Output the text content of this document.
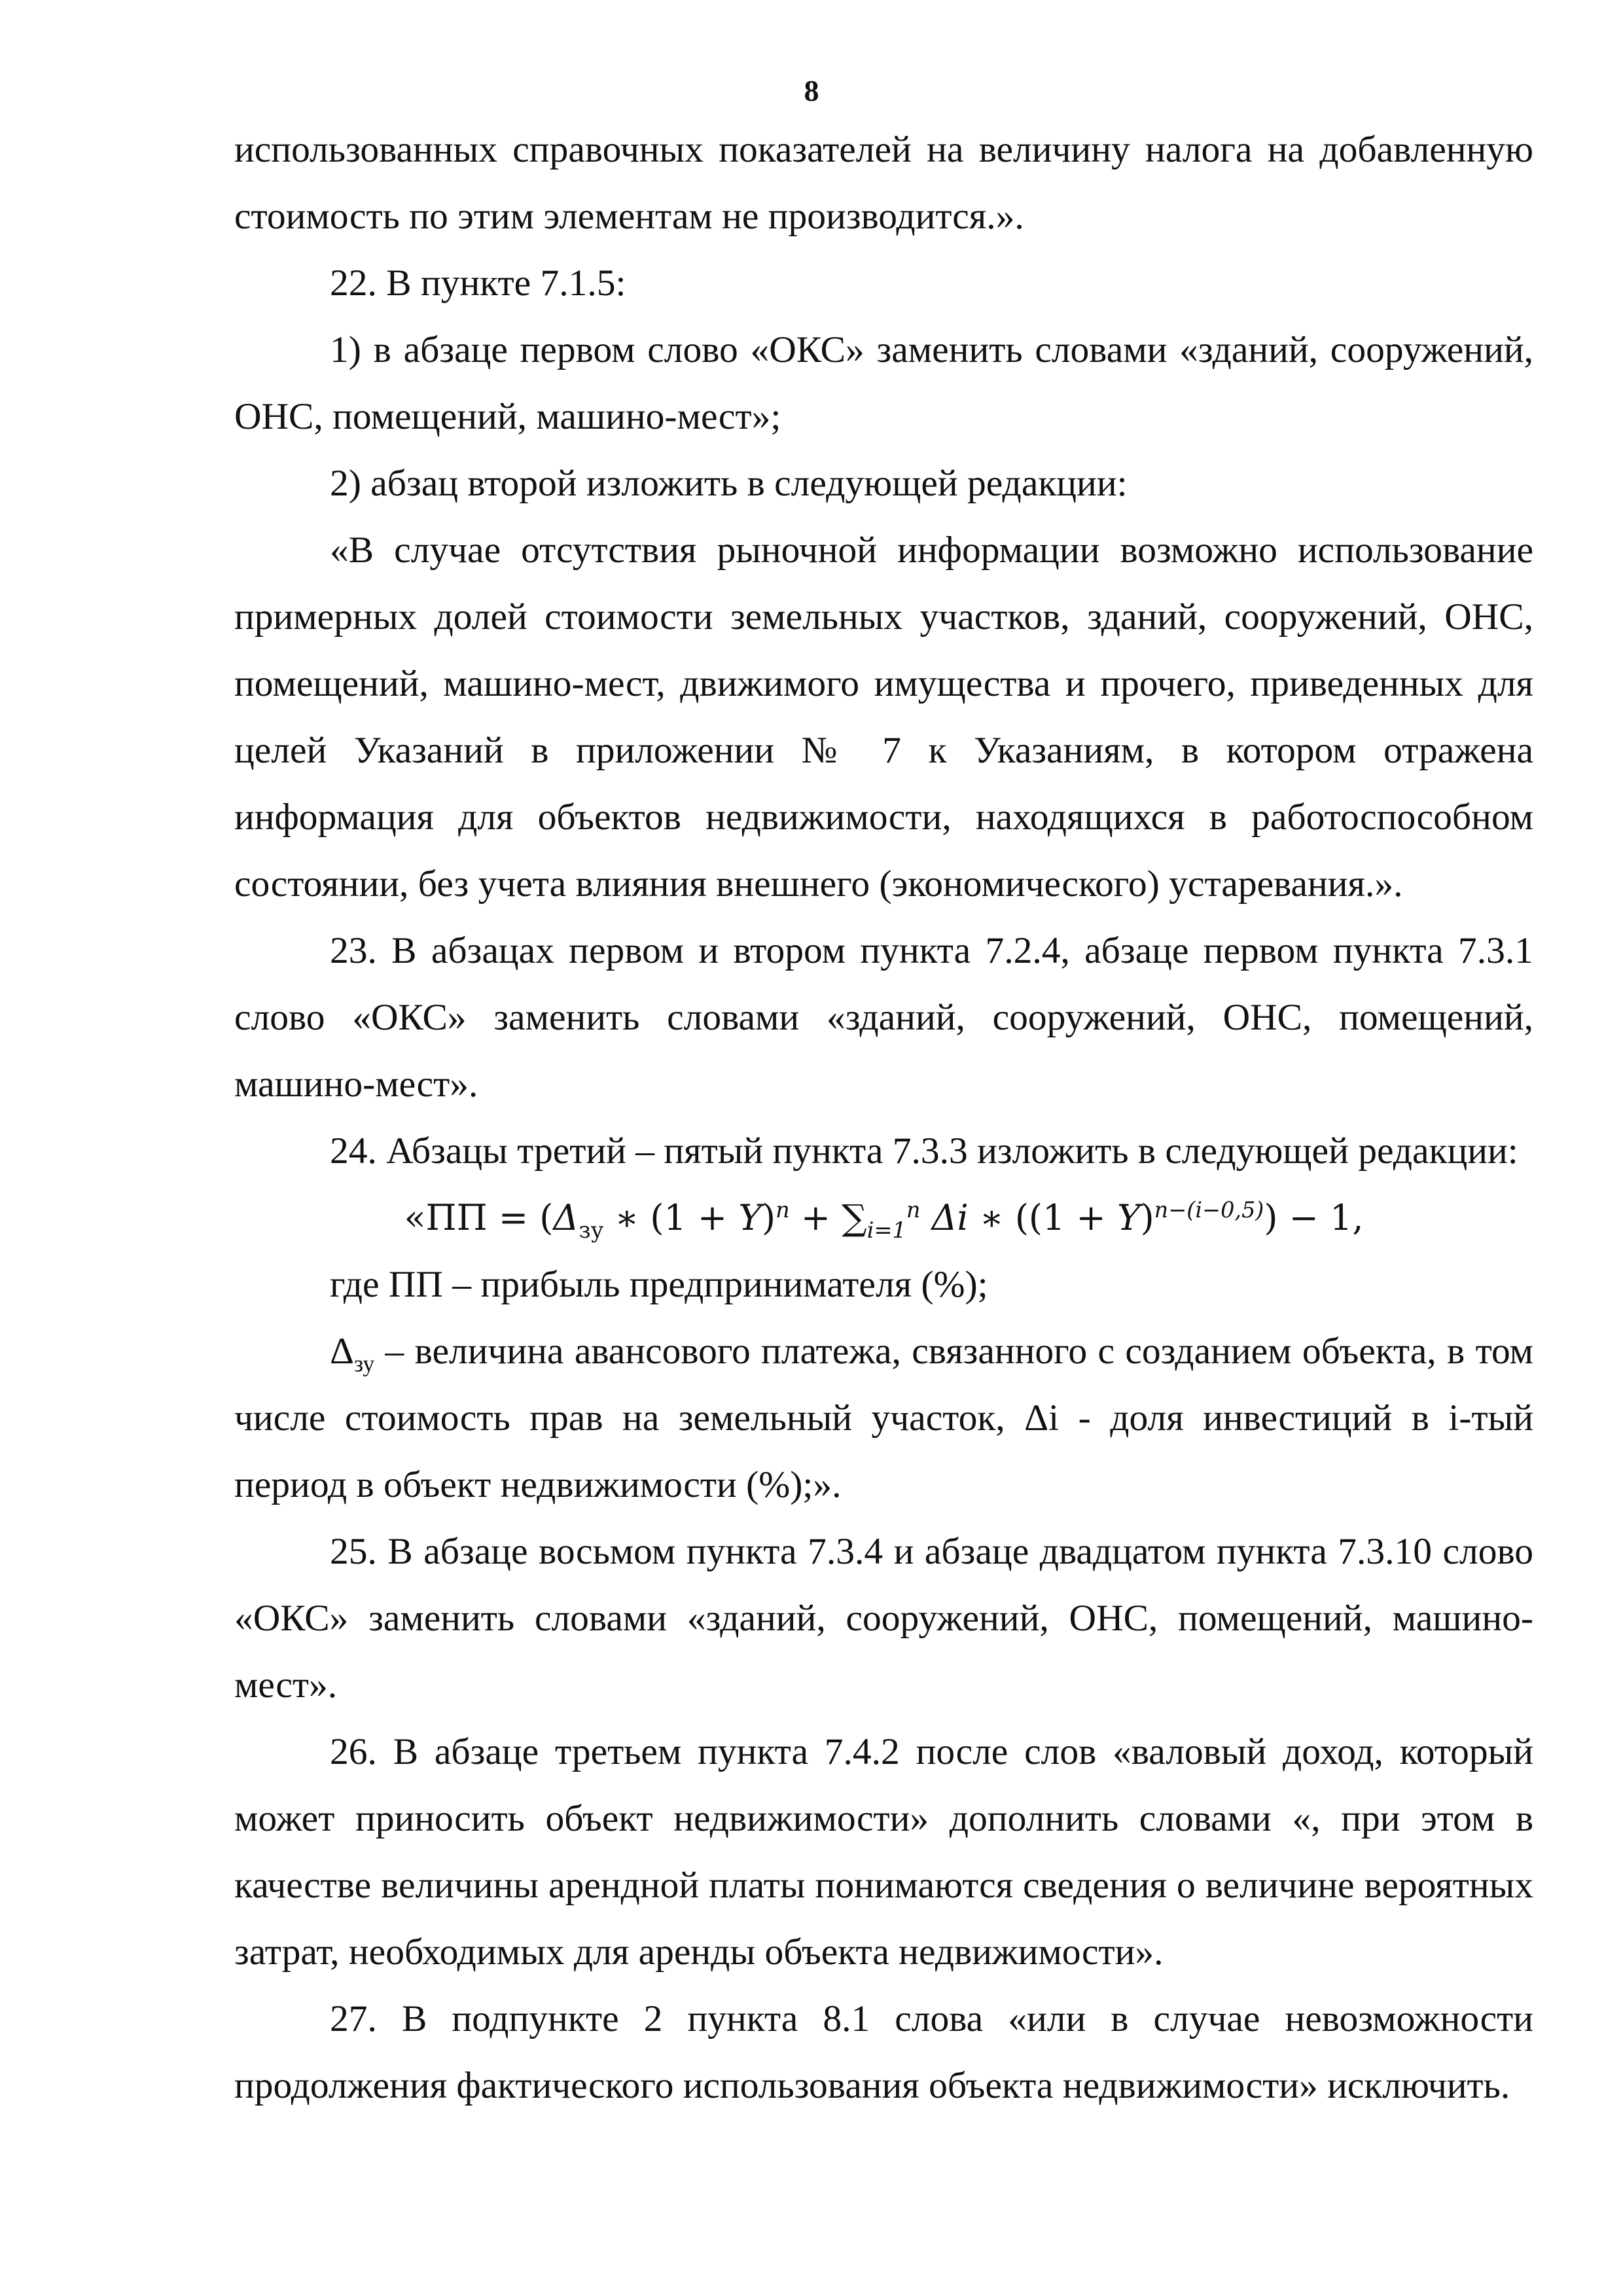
8

использованных справочных показателей на величину налога на добавленную стоимость по этим элементам не производится.».

22. В пункте 7.1.5:

1) в абзаце первом слово «ОКС» заменить словами «зданий, сооружений, ОНС, помещений, машино-мест»;

2) абзац второй изложить в следующей редакции:

«В случае отсутствия рыночной информации возможно использование примерных долей стоимости земельных участков, зданий, сооружений, ОНС, помещений, машино-мест, движимого имущества и прочего, приведенных для целей Указаний в приложении № 7 к Указаниям, в котором отражена информация для объектов недвижимости, находящихся в работоспособном состоянии, без учета влияния внешнего (экономического) устаревания.».

23. В абзацах первом и втором пункта 7.2.4, абзаце первом пункта 7.3.1 слово «ОКС» заменить словами «зданий, сооружений, ОНС, помещений, машино-мест».

24. Абзацы третий – пятый пункта 7.3.3 изложить в следующей редакции:

«ПП = ($\Delta_{зу}$ ∗ $(1 + Y)^n + \sum_{i=1}^n$ Δi ∗ $((1 + Y)^{n-(i-0,5)}) - 1$,

где ПП – прибыль предпринимателя (%);

$\Delta_{зу}$ – величина авансового платежа, связанного с созданием объекта, в том числе стоимость прав на земельный участок, Δi - доля инвестиций в i-тый период в объект недвижимости (%);».

25. В абзаце восьмом пункта 7.3.4 и абзаце двадцатом пункта 7.3.10 слово «ОКС» заменить словами «зданий, сооружений, ОНС, помещений, машино-мест».

26. В абзаце третьем пункта 7.4.2 после слов «валовый доход, который может приносить объект недвижимости» дополнить словами «, при этом в качестве величины арендной платы понимаются сведения о величине вероятных затрат, необходимых для аренды объекта недвижимости».

27. В подпункте 2 пункта 8.1 слова «или в случае невозможности продолжения фактического использования объекта недвижимости» исключить.
